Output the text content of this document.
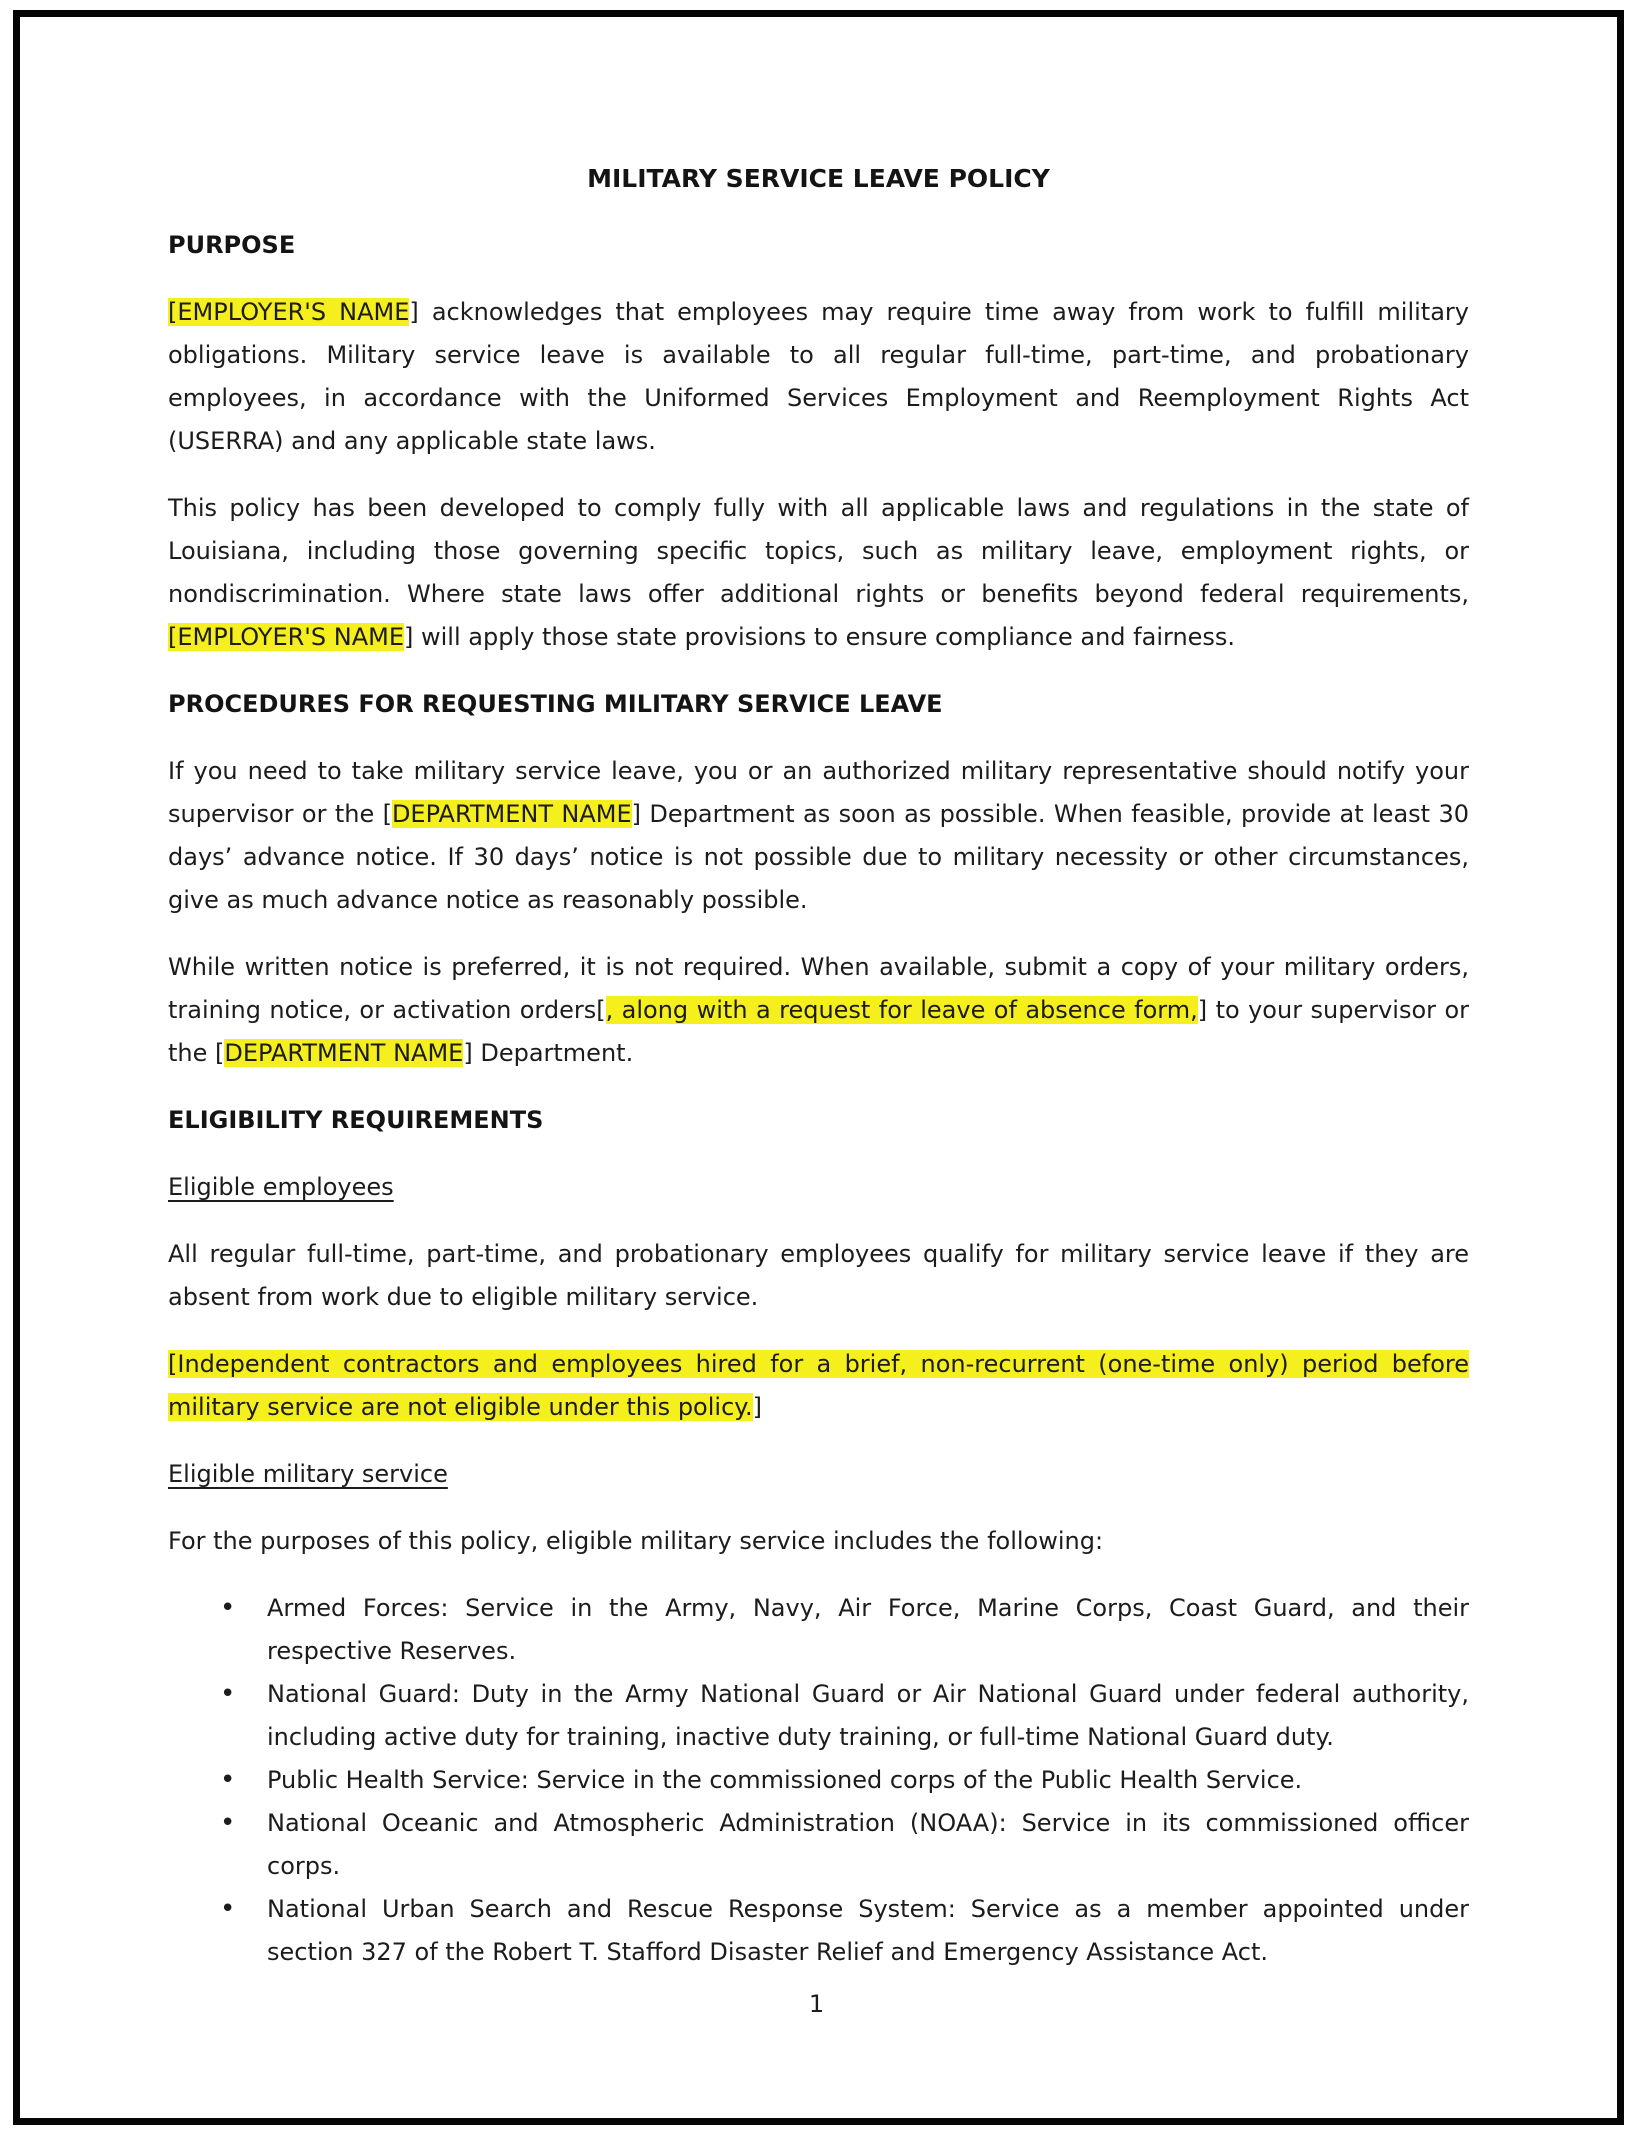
MILITARY SERVICE LEAVE POLICY
PURPOSE

[EMPLOYER'S NAME] acknowledges that employees may require time away from work to fulfill military obligations. Military service leave is available to all regular full-time, part-time, and probationary employees, in accordance with the Uniformed Services Employment and Reemployment Rights Act (USERRA) and any applicable state laws.

This policy has been developed to comply fully with all applicable laws and regulations in the state of Louisiana, including those governing specific topics, such as military leave, employment rights, or nondiscrimination. Where state laws offer additional rights or benefits beyond federal requirements, [EMPLOYER'S NAME] will apply those state provisions to ensure compliance and fairness.

PROCEDURES FOR REQUESTING MILITARY SERVICE LEAVE

If you need to take military service leave, you or an authorized military representative should notify your supervisor or the [DEPARTMENT NAME] Department as soon as possible. When feasible, provide at least 30 days’ advance notice. If 30 days’ notice is not possible due to military necessity or other circumstances, give as much advance notice as reasonably possible.

While written notice is preferred, it is not required. When available, submit a copy of your military orders, training notice, or activation orders[, along with a request for leave of absence form,] to your supervisor or the [DEPARTMENT NAME] Department.

ELIGIBILITY REQUIREMENTS

Eligible employees

All regular full-time, part-time, and probationary employees qualify for military service leave if they are absent from work due to eligible military service.

[Independent contractors and employees hired for a brief, non-recurrent (one-time only) period before military service are not eligible under this policy.]

Eligible military service

For the purposes of this policy, eligible military service includes the following:

• Armed Forces: Service in the Army, Navy, Air Force, Marine Corps, Coast Guard, and their respective Reserves.
• National Guard: Duty in the Army National Guard or Air National Guard under federal authority, including active duty for training, inactive duty training, or full-time National Guard duty.
• Public Health Service: Service in the commissioned corps of the Public Health Service.
• National Oceanic and Atmospheric Administration (NOAA): Service in its commissioned officer corps.
• National Urban Search and Rescue Response System: Service as a member appointed under section 327 of the Robert T. Stafford Disaster Relief and Emergency Assistance Act.
1
